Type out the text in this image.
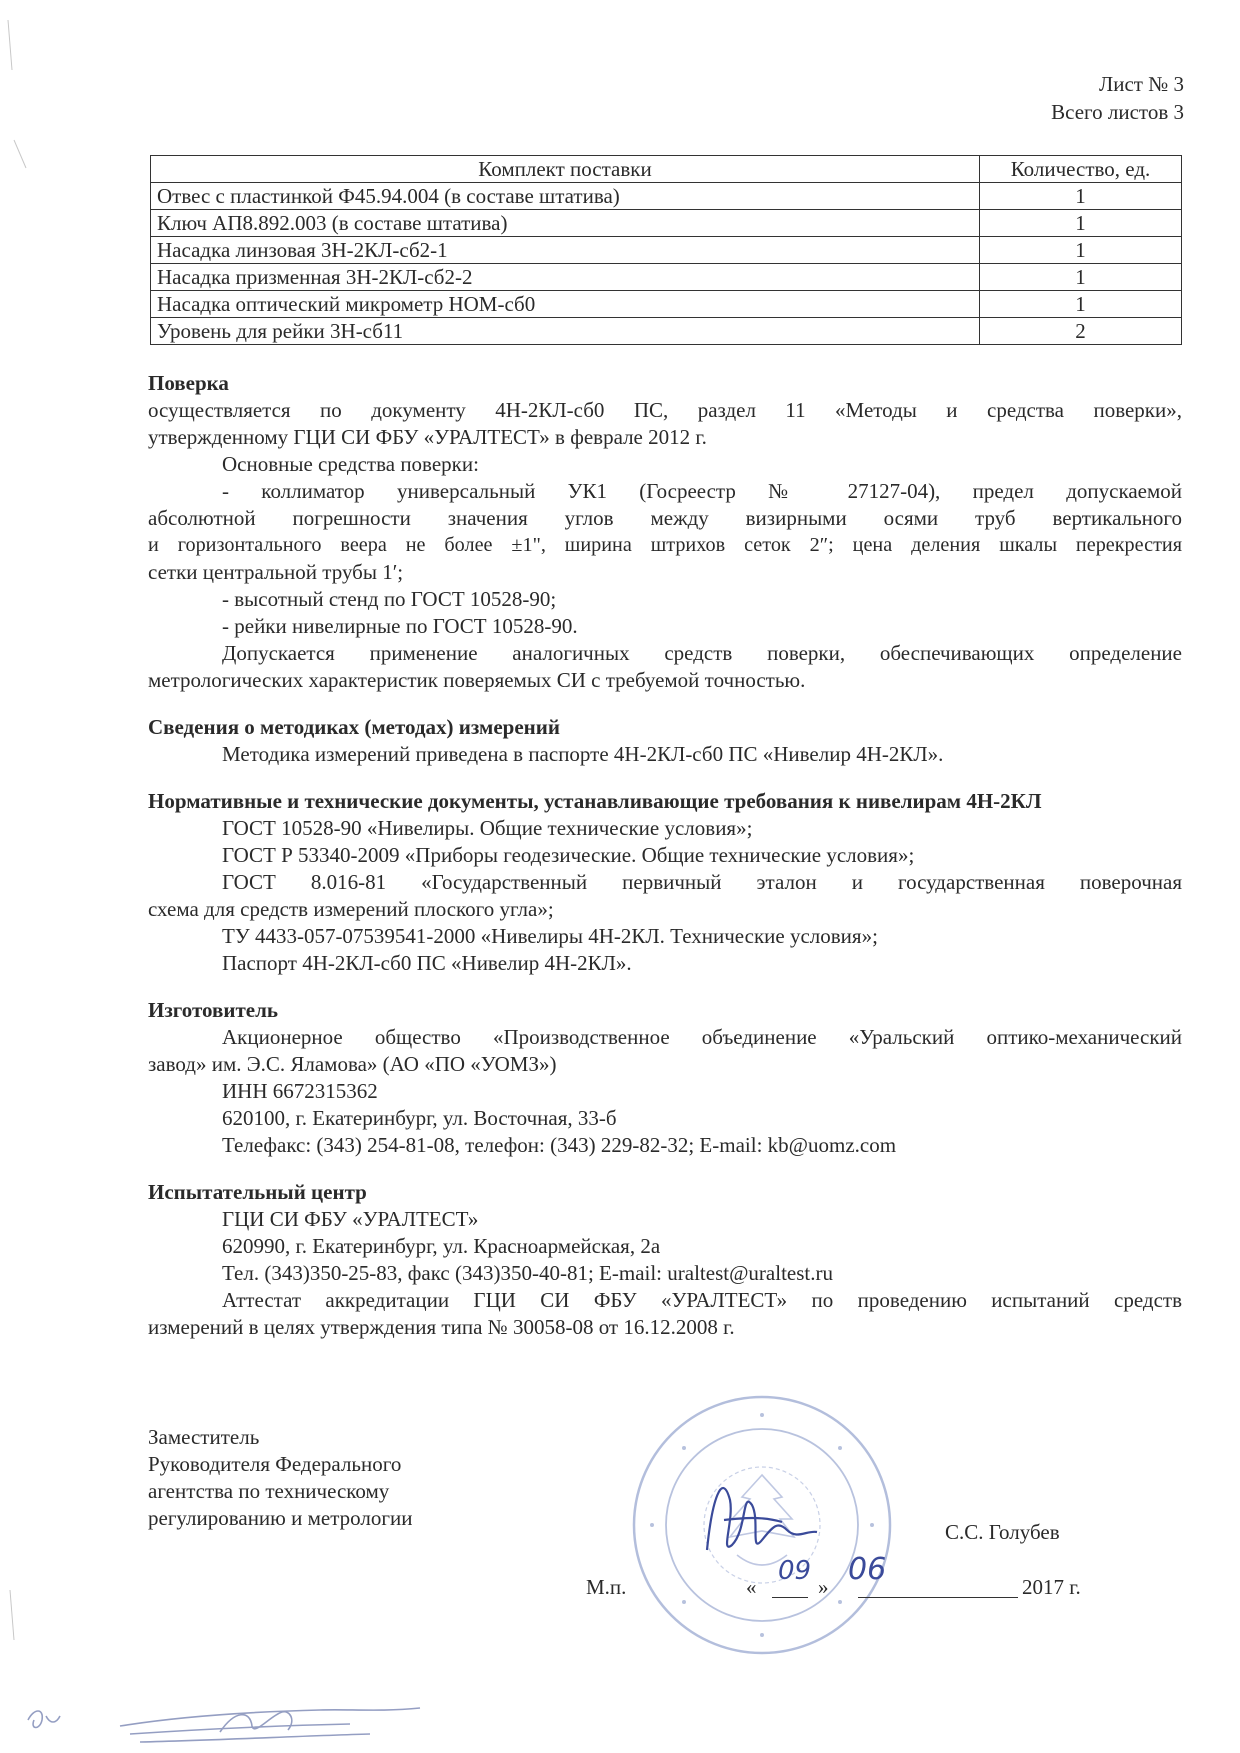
Лист № 3
Всего листов 3
Комплект поставки	Количество, ед.
Отвес с пластинкой Ф45.94.004 (в составе штатива)	1
Ключ АП8.892.003 (в составе штатива)	1
Насадка линзовая 3Н-2КЛ-сб2-1	1
Насадка призменная 3Н-2КЛ-сб2-2	1
Насадка оптический микрометр НОМ-сб0	1
Уровень для рейки 3Н-сб11	2
Поверка
осуществляется по документу 4Н-2КЛ-сб0 ПС, раздел 11 «Методы и средства поверки»,
утвержденному ГЦИ СИ ФБУ «УРАЛТЕСТ» в феврале 2012 г.
Основные средства поверки:
- коллиматор универсальный УК1 (Госреестр № 27127-04), предел допускаемой
абсолютной погрешности значения углов между визирными осями труб вертикального
и горизонтального веера не более ±1", ширина штрихов сеток 2″; цена деления шкалы перекрестия
сетки центральной трубы 1′;
- высотный стенд по ГОСТ 10528-90;
- рейки нивелирные по ГОСТ 10528-90.
Допускается применение аналогичных средств поверки, обеспечивающих определение
метрологических характеристик поверяемых СИ с требуемой точностью.
Сведения о методиках (методах) измерений
Методика измерений приведена в паспорте 4Н-2КЛ-сб0 ПС «Нивелир 4Н-2КЛ».
Нормативные и технические документы, устанавливающие требования к нивелирам 4Н-2КЛ
ГОСТ 10528-90 «Нивелиры. Общие технические условия»;
ГОСТ Р 53340-2009 «Приборы геодезические. Общие технические условия»;
ГОСТ 8.016-81 «Государственный первичный эталон и государственная поверочная
схема для средств измерений плоского угла»;
ТУ 4433-057-07539541-2000 «Нивелиры 4Н-2КЛ. Технические условия»;
Паспорт 4Н-2КЛ-сб0 ПС «Нивелир 4Н-2КЛ».
Изготовитель
Акционерное общество «Производственное объединение «Уральский оптико-механический
завод» им. Э.С. Яламова» (АО «ПО «УОМЗ»)
ИНН 6672315362
620100, г. Екатеринбург, ул. Восточная, 33-б
Телефакс: (343) 254-81-08, телефон: (343) 229-82-32; E-mail: kb@uomz.com
Испытательный центр
ГЦИ СИ ФБУ «УРАЛТЕСТ»
620990, г. Екатеринбург, ул. Красноармейская, 2а
Тел. (343)350-25-83, факс (343)350-40-81; E-mail: uraltest@uraltest.ru
Аттестат аккредитации ГЦИ СИ ФБУ «УРАЛТЕСТ» по проведению испытаний средств
измерений в целях утверждения типа № 30058-08 от 16.12.2008 г.
Заместитель
Руководителя Федерального
агентства по техническому
регулированию и метрологии
С.С. Голубев
М.п.	«
09
» 06	2017 г.
